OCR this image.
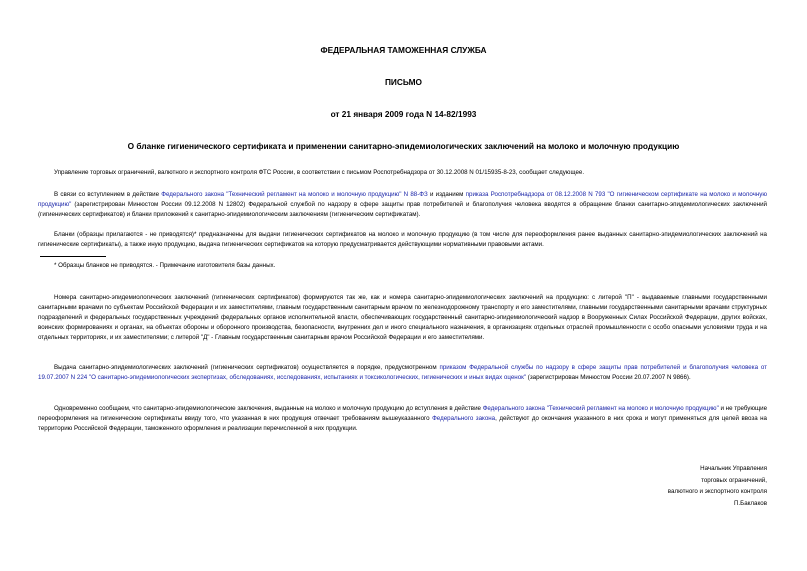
ФЕДЕРАЛЬНАЯ ТАМОЖЕННАЯ СЛУЖБА
ПИСЬМО
от 21 января 2009 года N 14-82/1993
О бланке гигиенического сертификата и применении санитарно-эпидемиологических заключений на молоко и молочную продукцию

Управление торговых ограничений, валютного и экспортного контроля ФТС России, в соответствии с письмом Роспотребнадзора от 30.12.2008 N 01/15935-8-23, сообщает следующее.

В связи со вступлением в действие Федерального закона "Технический регламент на молоко и молочную продукцию" N 88-ФЗ и изданием приказа Роспотребнадзора от 08.12.2008 N 793 "О гигиеническом сертификате на молоко и молочную продукцию" (зарегистрирован Минюстом России 09.12.2008 N 12802) Федеральной службой по надзору в сфере защиты прав потребителей и благополучия человека вводятся в обращение бланки санитарно-эпидемиологических заключений (гигиенических сертификатов) и бланки приложений к санитарно-эпидемиологическим заключениям (гигиеническим сертификатам).

Бланки (образцы прилагаются - не приводятся)* предназначены для выдачи гигиенических сертификатов на молоко и молочную продукцию (в том числе для переоформления ранее выданных санитарно-эпидемиологических заключений на гигиенические сертификаты), а также иную продукцию, выдача гигиенических сертификатов на которую предусматривается действующими нормативными правовыми актами.

* Образцы бланков не приводятся. - Примечание изготовителя базы данных.

Номера санитарно-эпидемиологических заключений (гигиенических сертификатов) формируются так же, как и номера санитарно-эпидемиологических заключений на продукцию: с литерой "П" - выдаваемые главными государственными санитарными врачами по субъектам Российской Федерации и их заместителями, главным государственным санитарным врачом по железнодорожному транспорту и его заместителями, главными государственными санитарными врачами структурных подразделений и федеральных государственных учреждений федеральных органов исполнительной власти, обеспечивающих государственный санитарно-эпидемиологический надзор в Вооруженных Силах Российской Федерации, других войсках, воинских формированиях и органах, на объектах обороны и оборонного производства, безопасности, внутренних дел и иного специального назначения, в организациях отдельных отраслей промышленности с особо опасными условиями труда и на отдельных территориях, и их заместителями; с литерой "Д" - Главным государственным санитарным врачом Российской Федерации и его заместителями.

Выдача санитарно-эпидемиологических заключений (гигиенических сертификатов) осуществляется в порядке, предусмотренном приказом Федеральной службы по надзору в сфере защиты прав потребителей и благополучия человека от 19.07.2007 N 224 "О санитарно-эпидемиологических экспертизах, обследованиях, исследованиях, испытаниях и токсикологических, гигиенических и иных видах оценок" (зарегистрирован Минюстом России 20.07.2007 N 9866).

Одновременно сообщаем, что санитарно-эпидемиологические заключения, выданные на молоко и молочную продукцию до вступления в действие Федерального закона "Технический регламент на молоко и молочную продукцию" и не требующие переоформления на гигиенические сертификаты ввиду того, что указанная в них продукция отвечает требованиям вышеуказанного Федерального закона, действуют до окончания указанного в них срока и могут применяться для целей ввоза на территорию Российской Федерации, таможенного оформления и реализации перечисленной в них продукции.

Начальник Управления
торговых ограничений,
валютного и экспортного контроля
П.Баклаков
